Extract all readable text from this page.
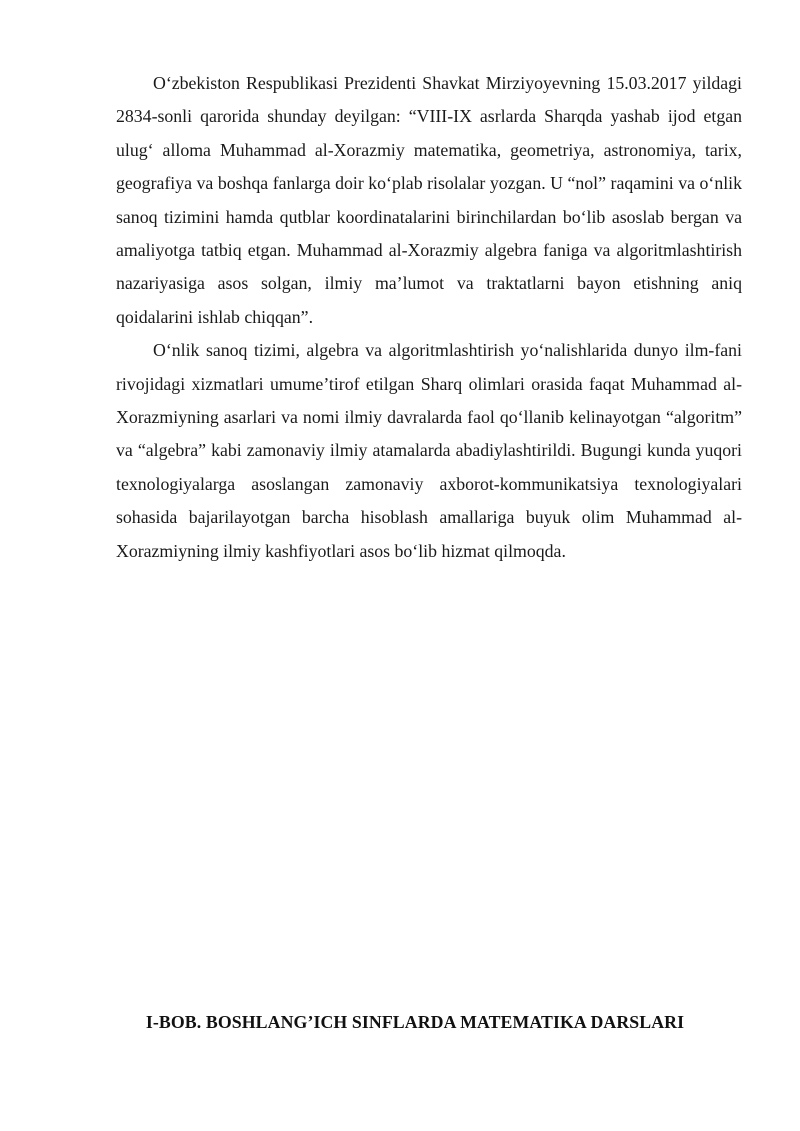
O‘zbekiston Respublikasi Prezidenti Shavkat Mirziyoyevning 15.03.2017 yildagi 2834-sonli qarorida shunday deyilgan: “VIII-IX asrlarda Sharqda yashab ijod etgan ulug‘ alloma Muhammad al-Xorazmiy matematika, geometriya, astronomiya, tarix, geografiya va boshqa fanlarga doir ko‘plab risolalar yozgan. U “nol” raqamini va o‘nlik sanoq tizimini hamda qutblar koordinatalarini birinchilardan bo‘lib asoslab bergan va amaliyotga tatbiq etgan. Muhammad al-Xorazmiy algebra faniga va algoritmlashtirish nazariyasiga asos solgan, ilmiy ma’lumot va traktatlarni bayon etishning aniq qoidalarini ishlab chiqqan”.

O‘nlik sanoq tizimi, algebra va algoritmlashtirish yo‘nalishlarida dunyo ilm-fani rivojidagi xizmatlari umume’tirof etilgan Sharq olimlari orasida faqat Muhammad al-Xorazmiyning asarlari va nomi ilmiy davralarda faol qo‘llanib kelinayotgan “algoritm” va “algebra” kabi zamonaviy ilmiy atamalarda abadiylashtirildi. Bugungi kunda yuqori texnologiyalarga asoslangan zamonaviy axborot-kommunikatsiya texnologiyalari sohasida bajarilayotgan barcha hisoblash amallariga buyuk olim Muhammad al-Xorazmiyning ilmiy kashfiyotlari asos bo‘lib hizmat qilmoqda.

I-BOB. BOSHLANG’ICH SINFLARDA MATEMATIKA DARSLARI
